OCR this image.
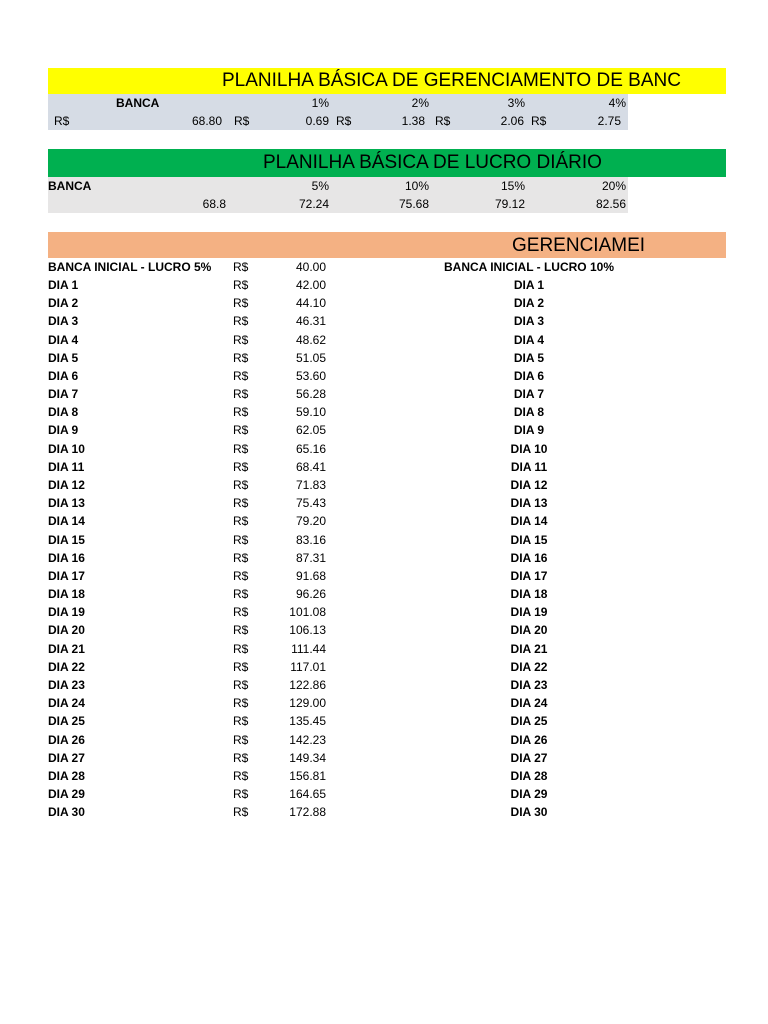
PLANILHA BÁSICA DE GERENCIAMENTO DE BANC
BANCA	1%	2%	3%	4%
R$	68.80 R$	0.69 R$	1.38 R$	2.06 R$	2.75
PLANILHA BÁSICA DE LUCRO DIÁRIO
BANCA	5%	10%	15%	20%
68.8	72.24	75.68	79.12	82.56
GERENCIAMEI
BANCA INICIAL - LUCRO 5% R$	40.00	BANCA INICIAL - LUCRO 10%
DIA 1	R$	42.00	DIA 1
DIA 2	R$	44.10	DIA 2
DIA 3	R$	46.31	DIA 3
DIA 4	R$	48.62	DIA 4
DIA 5	R$	51.05	DIA 5
DIA 6	R$	53.60	DIA 6
DIA 7	R$	56.28	DIA 7
DIA 8	R$	59.10	DIA 8
DIA 9	R$	62.05	DIA 9
DIA 10	R$	65.16	DIA 10
DIA 11	R$	68.41	DIA 11
DIA 12	R$	71.83	DIA 12
DIA 13	R$	75.43	DIA 13
DIA 14	R$	79.20	DIA 14
DIA 15	R$	83.16	DIA 15
DIA 16	R$	87.31	DIA 16
DIA 17	R$	91.68	DIA 17
DIA 18	R$	96.26	DIA 18
DIA 19	R$	101.08	DIA 19
DIA 20	R$	106.13	DIA 20
DIA 21	R$	111.44	DIA 21
DIA 22	R$	117.01	DIA 22
DIA 23	R$	122.86	DIA 23
DIA 24	R$	129.00	DIA 24
DIA 25	R$	135.45	DIA 25
DIA 26	R$	142.23	DIA 26
DIA 27	R$	149.34	DIA 27
DIA 28	R$	156.81	DIA 28
DIA 29	R$	164.65	DIA 29
DIA 30	R$	172.88	DIA 30
